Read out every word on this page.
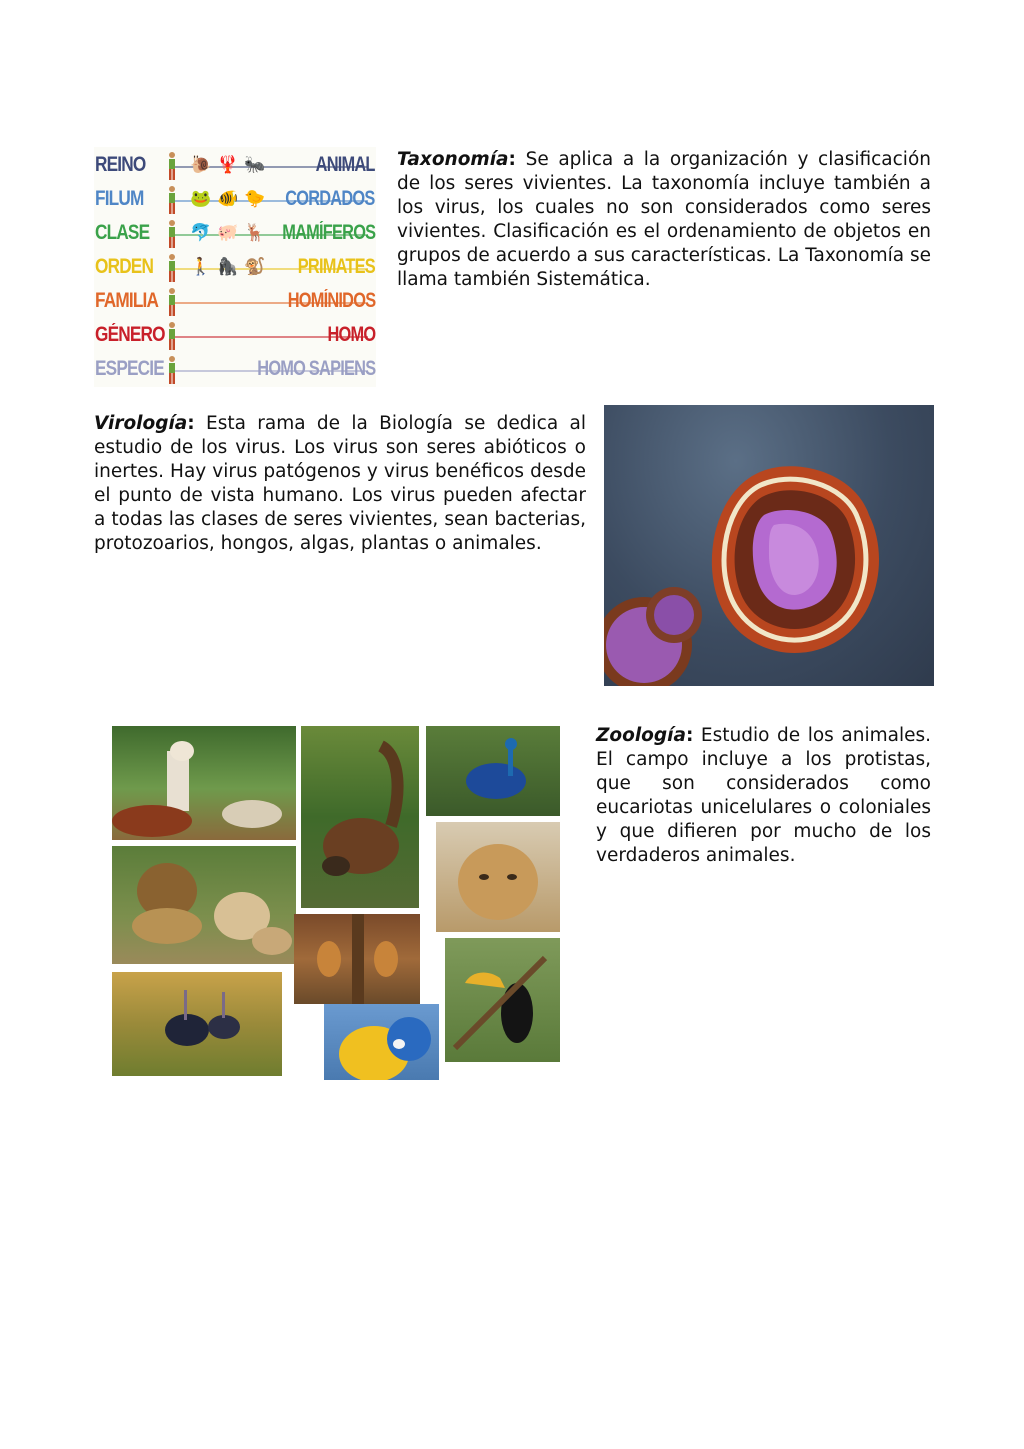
REINO	🐌🦞🐜 ANIMAL
FILUM	🐸🐠🐤 CORDADOS
CLASE 🐬🐖🦌 MAMÍFEROS
ORDEN 🚶🦍🐒 PRIMATES
FAMILIA	HOMÍNIDOS
GÉNERO	HOMO
ESPECIE	HOMO SAPIENS

Taxonomía: Se aplica a la organización y clasificación de los seres vivientes. La taxonomía incluye también a los virus, los cuales no son considerados como seres vivientes. Clasificación es el ordenamiento de objetos en grupos de acuerdo a sus características. La Taxonomía se llama también Sistemática.

Virología: Esta rama de la Biología se dedica al estudio de los virus. Los virus son seres abióticos o inertes. Hay virus patógenos y virus benéficos desde el punto de vista humano. Los virus pueden afectar a todas las clases de seres vivientes, sean bacterias, protozoarios, hongos, algas, plantas o animales.

Zoología: Estudio de los animales. El campo incluye a los protistas, que son considerados como eucariotas unicelulares o coloniales y que difieren por mucho de los verdaderos animales.
